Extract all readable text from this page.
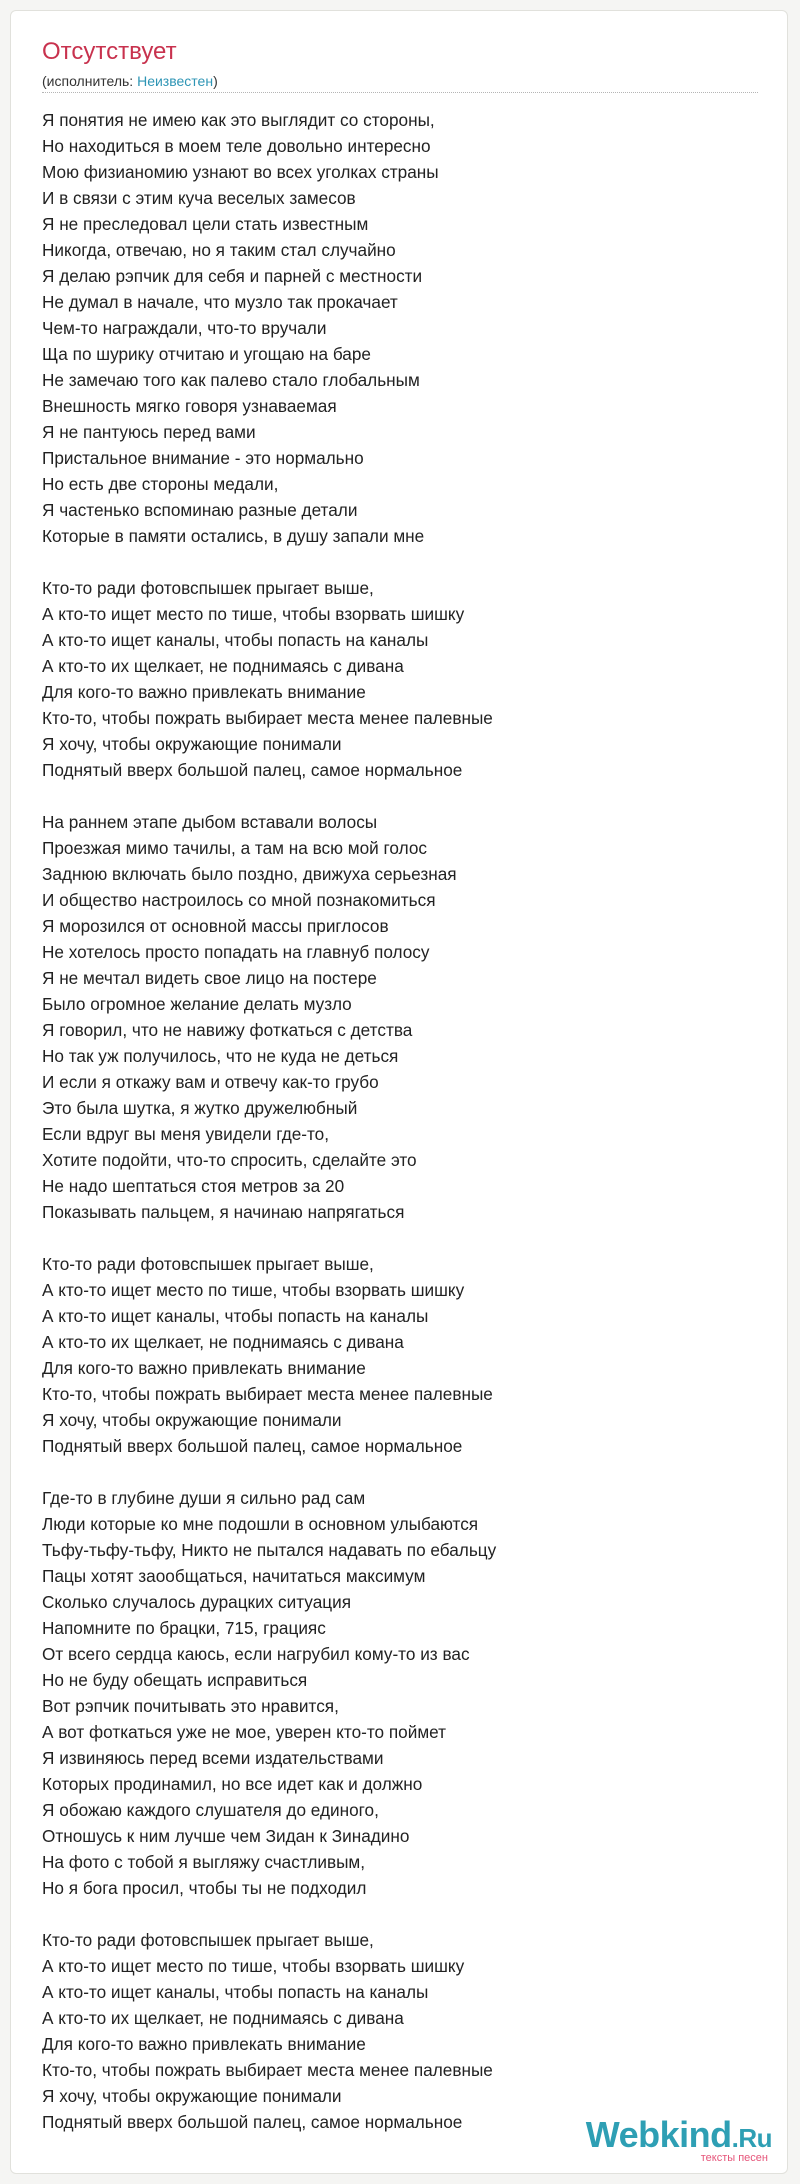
Отсутствует
(исполнитель: Неизвестен)
Я понятия не имею как это выглядит со стороны,
Но находиться в моем теле довольно интересно
Мою физианомию узнают во всех уголках страны
И в связи с этим куча веселых замесов
Я не преследовал цели стать известным
Никогда, отвечаю, но я таким стал случайно
Я делаю рэпчик для себя и парней с местности
Не думал в начале, что музло так прокачает
Чем-то награждали, что-то вручали
Ща по шурику отчитаю и угощаю на баре
Не замечаю того как палево стало глобальным
Внешность мягко говоря узнаваемая
Я не пантуюсь перед вами
Пристальное внимание - это нормально
Но есть две стороны медали,
Я частенько вспоминаю разные детали
Которые в памяти остались, в душу запали мне
Кто-то ради фотовспышек прыгает выше,
А кто-то ищет место по тише, чтобы взорвать шишку
А кто-то ищет каналы, чтобы попасть на каналы
А кто-то их щелкает, не поднимаясь с дивана
Для кого-то важно привлекать внимание
Кто-то, чтобы пожрать выбирает места менее палевные
Я хочу, чтобы окружающие понимали
Поднятый вверх большой палец, самое нормальное
На раннем этапе дыбом вставали волосы
Проезжая мимо тачилы, а там на всю мой голос
Заднюю включать было поздно, движуха серьезная
И общество настроилось со мной познакомиться
Я морозился от основной массы приглосов
Не хотелось просто попадать на главнуб полосу
Я не мечтал видеть свое лицо на постере
Было огромное желание делать музло
Я говорил, что не навижу фоткаться с детства
Но так уж получилось, что не куда не деться
И если я откажу вам и отвечу как-то грубо
Это была шутка, я жутко дружелюбный
Если вдруг вы меня увидели где-то,
Хотите подойти, что-то спросить, сделайте это
Не надо шептаться стоя метров за 20
Показывать пальцем, я начинаю напрягаться
Кто-то ради фотовспышек прыгает выше,
А кто-то ищет место по тише, чтобы взорвать шишку
А кто-то ищет каналы, чтобы попасть на каналы
А кто-то их щелкает, не поднимаясь с дивана
Для кого-то важно привлекать внимание
Кто-то, чтобы пожрать выбирает места менее палевные
Я хочу, чтобы окружающие понимали
Поднятый вверх большой палец, самое нормальное
Где-то в глубине души я сильно рад сам
Люди которые ко мне подошли в основном улыбаются
Тьфу-тьфу-тьфу, Никто не пытался надавать по ебальцу
Пацы хотят заообщаться, начитаться максимум
Сколько случалось дурацких ситуация
Напомните по брацки, 715, грацияс
От всего сердца каюсь, если нагрубил кому-то из вас
Но не буду обещать исправиться
Вот рэпчик почитывать это нравится,
А вот фоткаться уже не мое, уверен кто-то поймет
Я извиняюсь перед всеми издательствами
Которых продинамил, но все идет как и должно
Я обожаю каждого слушателя до единого,
Отношусь к ним лучше чем Зидан к Зинадино
На фото с тобой я выгляжу счастливым,
Но я бога просил, чтобы ты не подходил
Кто-то ради фотовспышек прыгает выше,
А кто-то ищет место по тише, чтобы взорвать шишку
А кто-то ищет каналы, чтобы попасть на каналы
А кто-то их щелкает, не поднимаясь с дивана
Для кого-то важно привлекать внимание
Кто-то, чтобы пожрать выбирает места менее палевные
Я хочу, чтобы окружающие понимали
Поднятый вверх большой палец, самое нормальное	Webkind.Ru
тексты песен
